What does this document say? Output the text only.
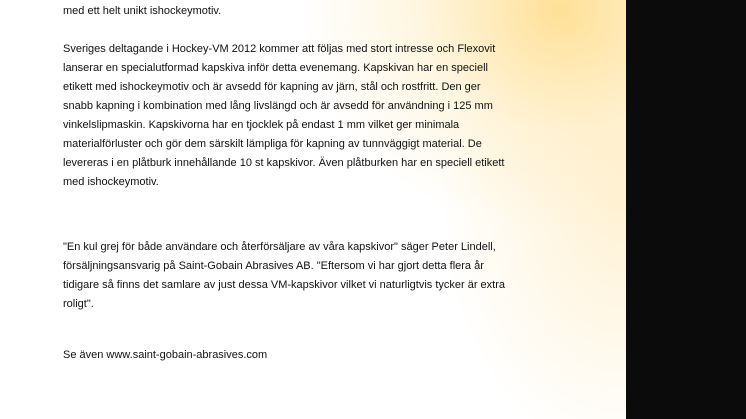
med ett helt unikt ishockeymotiv.

Sveriges deltagande i Hockey-VM 2012 kommer att följas med stort intresse och Flexovit

lanserar en specialutformad kapskiva inför detta evenemang. Kapskivan har en speciell

etikett med ishockeymotiv och är avsedd för kapning av järn, stål och rostfritt. Den ger

snabb kapning i kombination med lång livslängd och är avsedd för användning i 125 mm

vinkelslipmaskin. Kapskivorna har en tjocklek på endast 1 mm vilket ger minimala

materialförluster och gör dem särskilt lämpliga för kapning av tunnväggigt material. De

levereras i en plåtburk innehållande 10 st kapskivor. Även plåtburken har en speciell etikett

med ishockeymotiv.

"En kul grej för både användare och återförsäljare av våra kapskivor" säger Peter Lindell,

försäljningsansvarig på Saint-Gobain Abrasives AB. "Eftersom vi har gjort detta flera år

tidigare så finns det samlare av just dessa VM-kapskivor vilket vi naturligtvis tycker är extra

roligt".

Se även www.saint-gobain-abrasives.com
